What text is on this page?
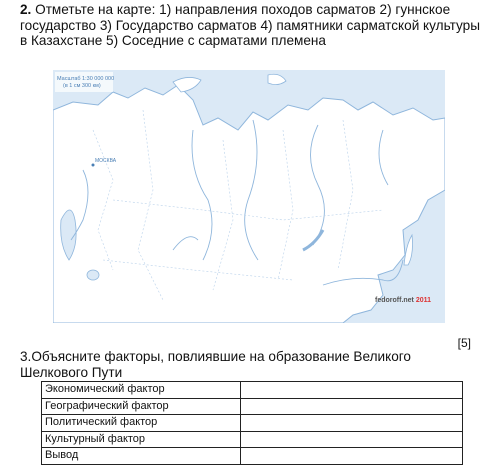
2. Отметьте на карте: 1) направления походов сарматов 2) гуннское государство 3) Государство сарматов 4) памятники сарматской культуры в Казахстане 5) Соседние с сарматами племена
Масштаб 1:30 000 000
(в 1 см 300 км)
МОСКВА
fedoroff.net 2011
[5]
3.Объясните факторы, повлиявшие на образование Великого Шелкового Пути
Экономический фактор	
Географический фактор	
Политический фактор	
Культурный фактор	
Вывод	
